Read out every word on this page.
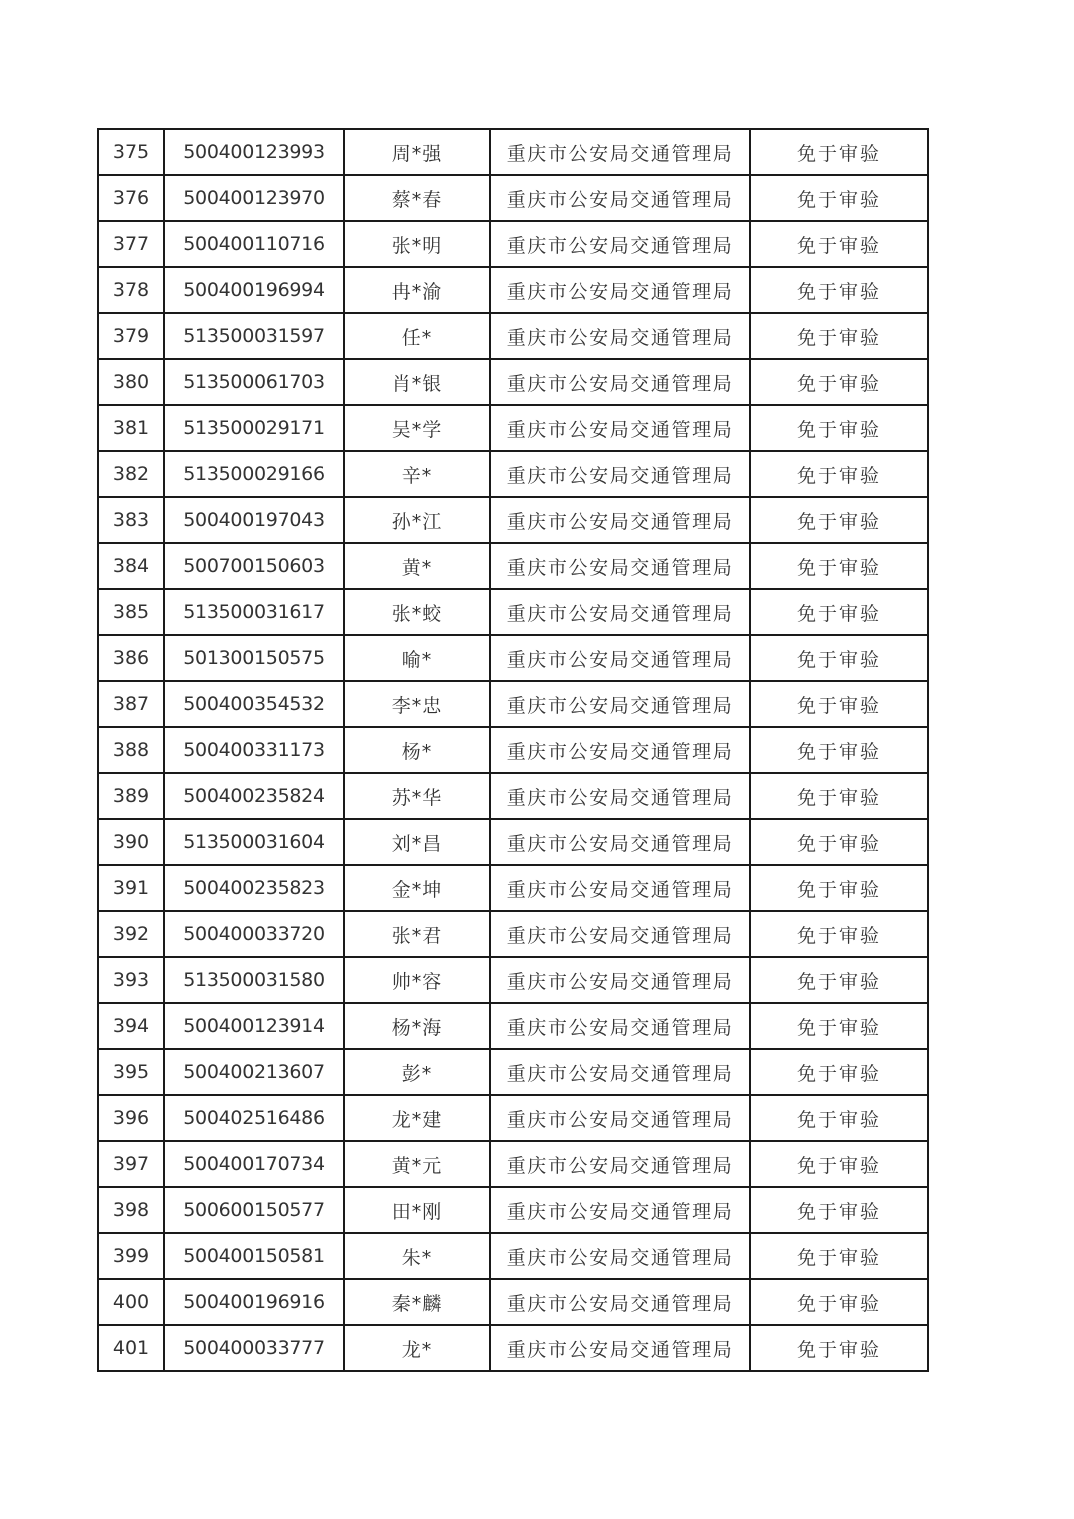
375	500400123993	周*强	重庆市公安局交通管理局	免于审验
376	500400123970	蔡*春	重庆市公安局交通管理局	免于审验
377	500400110716	张*明	重庆市公安局交通管理局	免于审验
378	500400196994	冉*渝	重庆市公安局交通管理局	免于审验
379	513500031597	任*	重庆市公安局交通管理局	免于审验
380	513500061703	肖*银	重庆市公安局交通管理局	免于审验
381	513500029171	吴*学	重庆市公安局交通管理局	免于审验
382	513500029166	辛*	重庆市公安局交通管理局	免于审验
383	500400197043	孙*江	重庆市公安局交通管理局	免于审验
384	500700150603	黄*	重庆市公安局交通管理局	免于审验
385	513500031617	张*蛟	重庆市公安局交通管理局	免于审验
386	501300150575	喻*	重庆市公安局交通管理局	免于审验
387	500400354532	李*忠	重庆市公安局交通管理局	免于审验
388	500400331173	杨*	重庆市公安局交通管理局	免于审验
389	500400235824	苏*华	重庆市公安局交通管理局	免于审验
390	513500031604	刘*昌	重庆市公安局交通管理局	免于审验
391	500400235823	金*坤	重庆市公安局交通管理局	免于审验
392	500400033720	张*君	重庆市公安局交通管理局	免于审验
393	513500031580	帅*容	重庆市公安局交通管理局	免于审验
394	500400123914	杨*海	重庆市公安局交通管理局	免于审验
395	500400213607	彭*	重庆市公安局交通管理局	免于审验
396	500402516486	龙*建	重庆市公安局交通管理局	免于审验
397	500400170734	黄*元	重庆市公安局交通管理局	免于审验
398	500600150577	田*刚	重庆市公安局交通管理局	免于审验
399	500400150581	朱*	重庆市公安局交通管理局	免于审验
400	500400196916	秦*麟	重庆市公安局交通管理局	免于审验
401	500400033777	龙*	重庆市公安局交通管理局	免于审验
